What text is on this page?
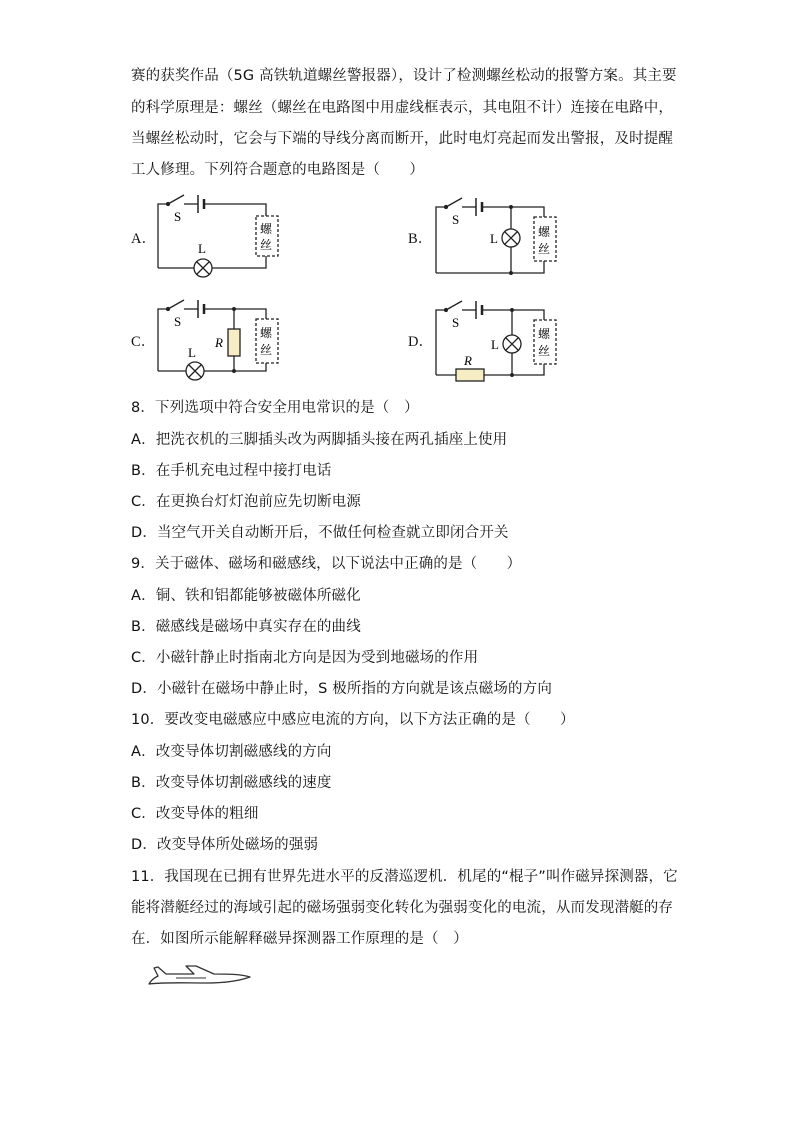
赛的获奖作品（5G 高铁轨道螺丝警报器），设计了检测螺丝松动的报警方案。其主要
的科学原理是：螺丝（螺丝在电路图中用虚线框表示，其电阻不计）连接在电路中，
当螺丝松动时，它会与下端的导线分离而断开，此时电灯亮起而发出警报，及时提醒
工人修理。下列符合题意的电路图是（　　）
A．	B．
C．	D．
S
L
螺
丝
S
L	螺
丝
S
L
R
螺
丝
S
L
R
螺
丝
8．下列选项中符合安全用电常识的是（　）
A．把洗衣机的三脚插头改为两脚插头接在两孔插座上使用
B．在手机充电过程中接打电话
C．在更换台灯灯泡前应先切断电源
D．当空气开关自动断开后，不做任何检查就立即闭合开关
9．关于磁体、磁场和磁感线，以下说法中正确的是（　　）
A．铜、铁和铝都能够被磁体所磁化
B．磁感线是磁场中真实存在的曲线
C．小磁针静止时指南北方向是因为受到地磁场的作用
D．小磁针在磁场中静止时，S 极所指的方向就是该点磁场的方向
10．要改变电磁感应中感应电流的方向，以下方法正确的是（　　）
A．改变导体切割磁感线的方向
B．改变导体切割磁感线的速度
C．改变导体的粗细
D．改变导体所处磁场的强弱
11．我国现在已拥有世界先进水平的反潜巡逻机．机尾的“棍子”叫作磁异探测器，它
能将潜艇经过的海域引起的磁场强弱变化转化为强弱变化的电流，从而发现潜艇的存
在．如图所示能解释磁异探测器工作原理的是（　）
